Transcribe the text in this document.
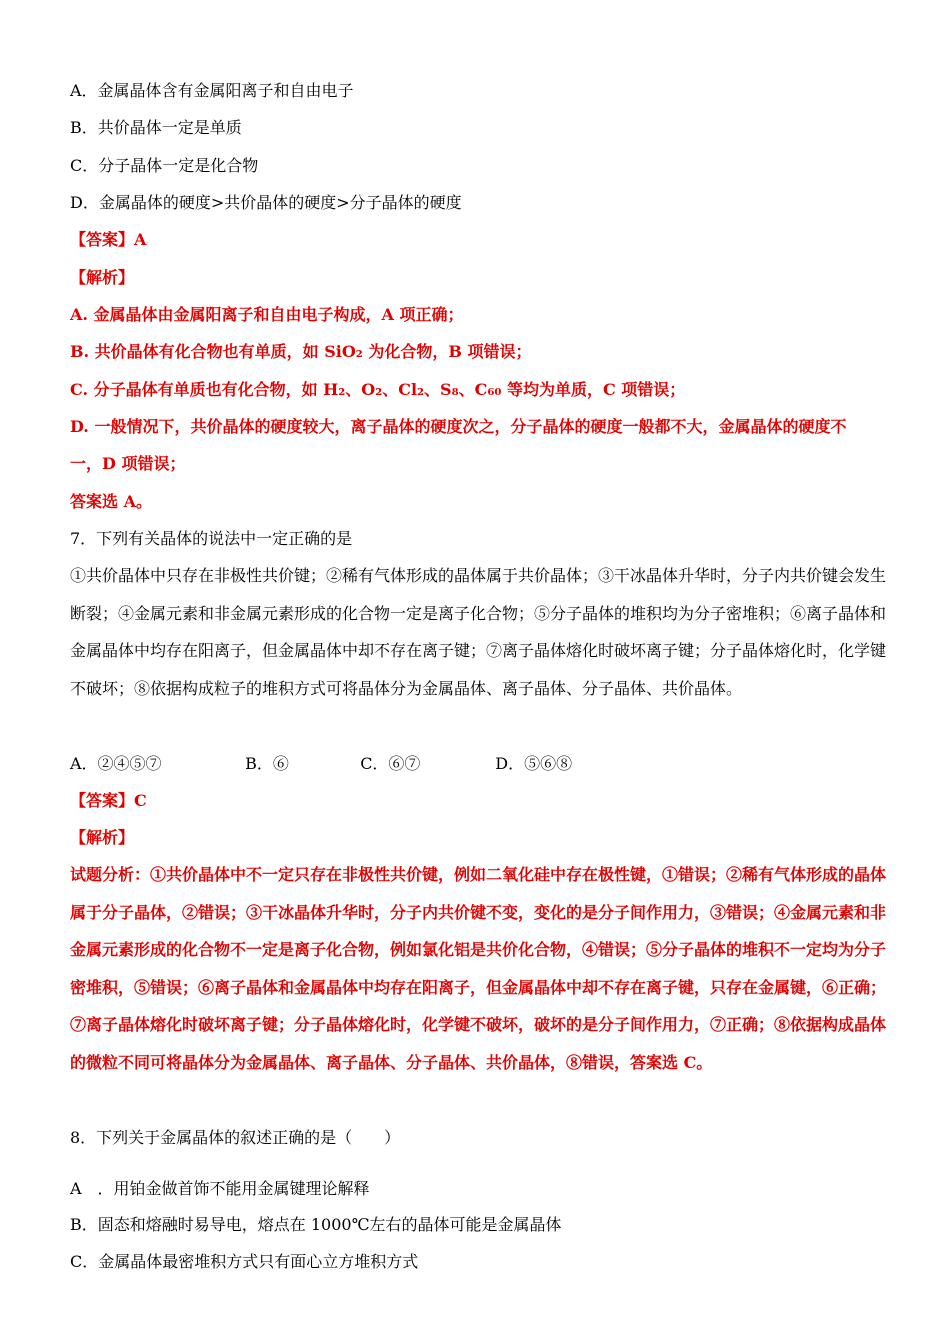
A．金属晶体含有金属阳离子和自由电子
B．共价晶体一定是单质
C．分子晶体一定是化合物
D．金属晶体的硬度>共价晶体的硬度>分子晶体的硬度
【答案】A
【解析】
A. 金属晶体由金属阳离子和自由电子构成，A 项正确；
B. 共价晶体有化合物也有单质，如 SiO₂ 为化合物，B 项错误；
C. 分子晶体有单质也有化合物，如 H₂、O₂、Cl₂、S₈、C₆₀ 等均为单质，C 项错误；
D. 一般情况下，共价晶体的硬度较大，离子晶体的硬度次之，分子晶体的硬度一般都不大，金属晶体的硬度不
一，D 项错误；
答案选 A。
7．下列有关晶体的说法中一定正确的是
①共价晶体中只存在非极性共价键；②稀有气体形成的晶体属于共价晶体；③干冰晶体升华时，分子内共价键会发生断裂；④金属元素和非金属元素形成的化合物一定是离子化合物；⑤分子晶体的堆积均为分子密堆积；⑥离子晶体和金属晶体中均存在阳离子，但金属晶体中却不存在离子键；⑦离子晶体熔化时破坏离子键；分子晶体熔化时，化学键不破坏；⑧依据构成粒子的堆积方式可将晶体分为金属晶体、离子晶体、分子晶体、共价晶体。
A．②④⑤⑦	B．⑥	C．⑥⑦	D．⑤⑥⑧
【答案】C
【解析】
试题分析：①共价晶体中不一定只存在非极性共价键，例如二氧化硅中存在极性键，①错误；②稀有气体形成的晶体属于分子晶体，②错误；③干冰晶体升华时，分子内共价键不变，变化的是分子间作用力，③错误；④金属元素和非金属元素形成的化合物不一定是离子化合物，例如氯化铝是共价化合物，④错误；⑤分子晶体的堆积不一定均为分子密堆积，⑤错误；⑥离子晶体和金属晶体中均存在阳离子，但金属晶体中却不存在离子键，只存在金属键，⑥正确；⑦离子晶体熔化时破坏离子键；分子晶体熔化时，化学键不破坏，破坏的是分子间作用力，⑦正确；⑧依据构成晶体的微粒不同可将晶体分为金属晶体、离子晶体、分子晶体、共价晶体，⑧错误，答案选 C。
8．下列关于金属晶体的叙述正确的是（　　）
A　．用铂金做首饰不能用金属键理论解释
B．固态和熔融时易导电，熔点在 1000℃左右的晶体可能是金属晶体
C．金属晶体最密堆积方式只有面心立方堆积方式
